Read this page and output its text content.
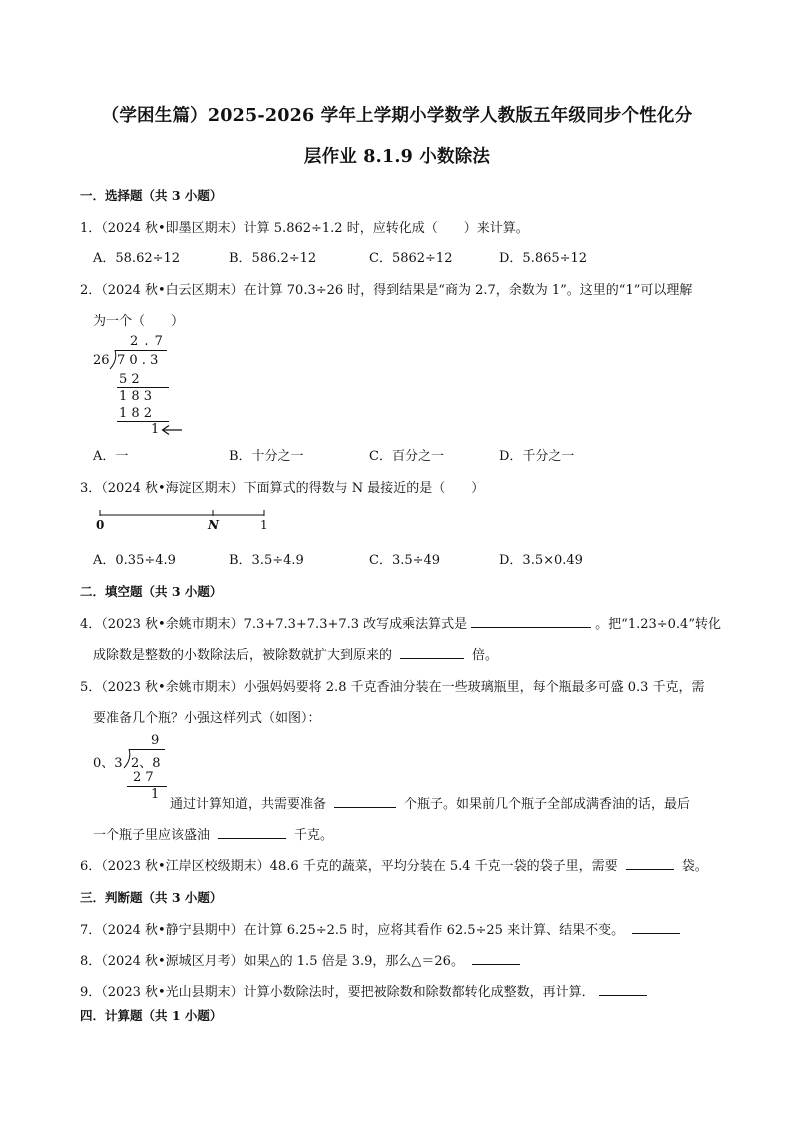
（学困生篇）2025-2026 学年上学期小学数学人教版五年级同步个性化分
层作业 8.1.9 小数除法
一．选择题（共 3 小题）
1．（2024 秋•即墨区期末）计算 5.862÷1.2 时，应转化成（　　）来计算。
A．58.62÷12	B．586.2÷12	C．5862÷12	D．5.865÷12
2．（2024 秋•白云区期末）在计算 70.3÷26 时，得到结果是“商为 2.7，余数为 1”。这里的“1”可以理解
为一个（　　）
2 . 7
26 7 0 . 3
5 2
1 8 3
1 8 2
1
A．一	B．十分之一	C．百分之一	D．千分之一
3．（2024 秋•海淀区期末）下面算式的得数与 N 最接近的是（　　）
0	N	1
A．0.35÷4.9	B．3.5÷4.9	C．3.5÷49	D．3.5×0.49
二．填空题（共 3 小题）
4．（2023 秋•余姚市期末）7.3+7.3+7.3+7.3 改写成乘法算式是	。把“1.23÷0.4”转化
成除数是整数的小数除法后，被除数就扩大到原来的	倍。
5．（2023 秋•余姚市期末）小强妈妈要将 2.8 千克香油分装在一些玻璃瓶里，每个瓶最多可盛 0.3 千克，需
要准备几个瓶？小强这样列式（如图）：
9
0、3 2、8
2 7
1
通过计算知道，共需要准备	个瓶子。如果前几个瓶子全部成满香油的话，最后
一个瓶子里应该盛油	千克。
6．（2023 秋•江岸区校级期末）48.6 千克的蔬菜，平均分装在 5.4 千克一袋的袋子里，需要	袋。
三．判断题（共 3 小题）
7．（2024 秋•静宁县期中）在计算 6.25÷2.5 时，应将其看作 62.5÷25 来计算、结果不变。
8．（2024 秋•源城区月考）如果△的 1.5 倍是 3.9，那么△＝26。
9．（2023 秋•光山县期末）计算小数除法时，要把被除数和除数都转化成整数，再计算．
四．计算题（共 1 小题）
